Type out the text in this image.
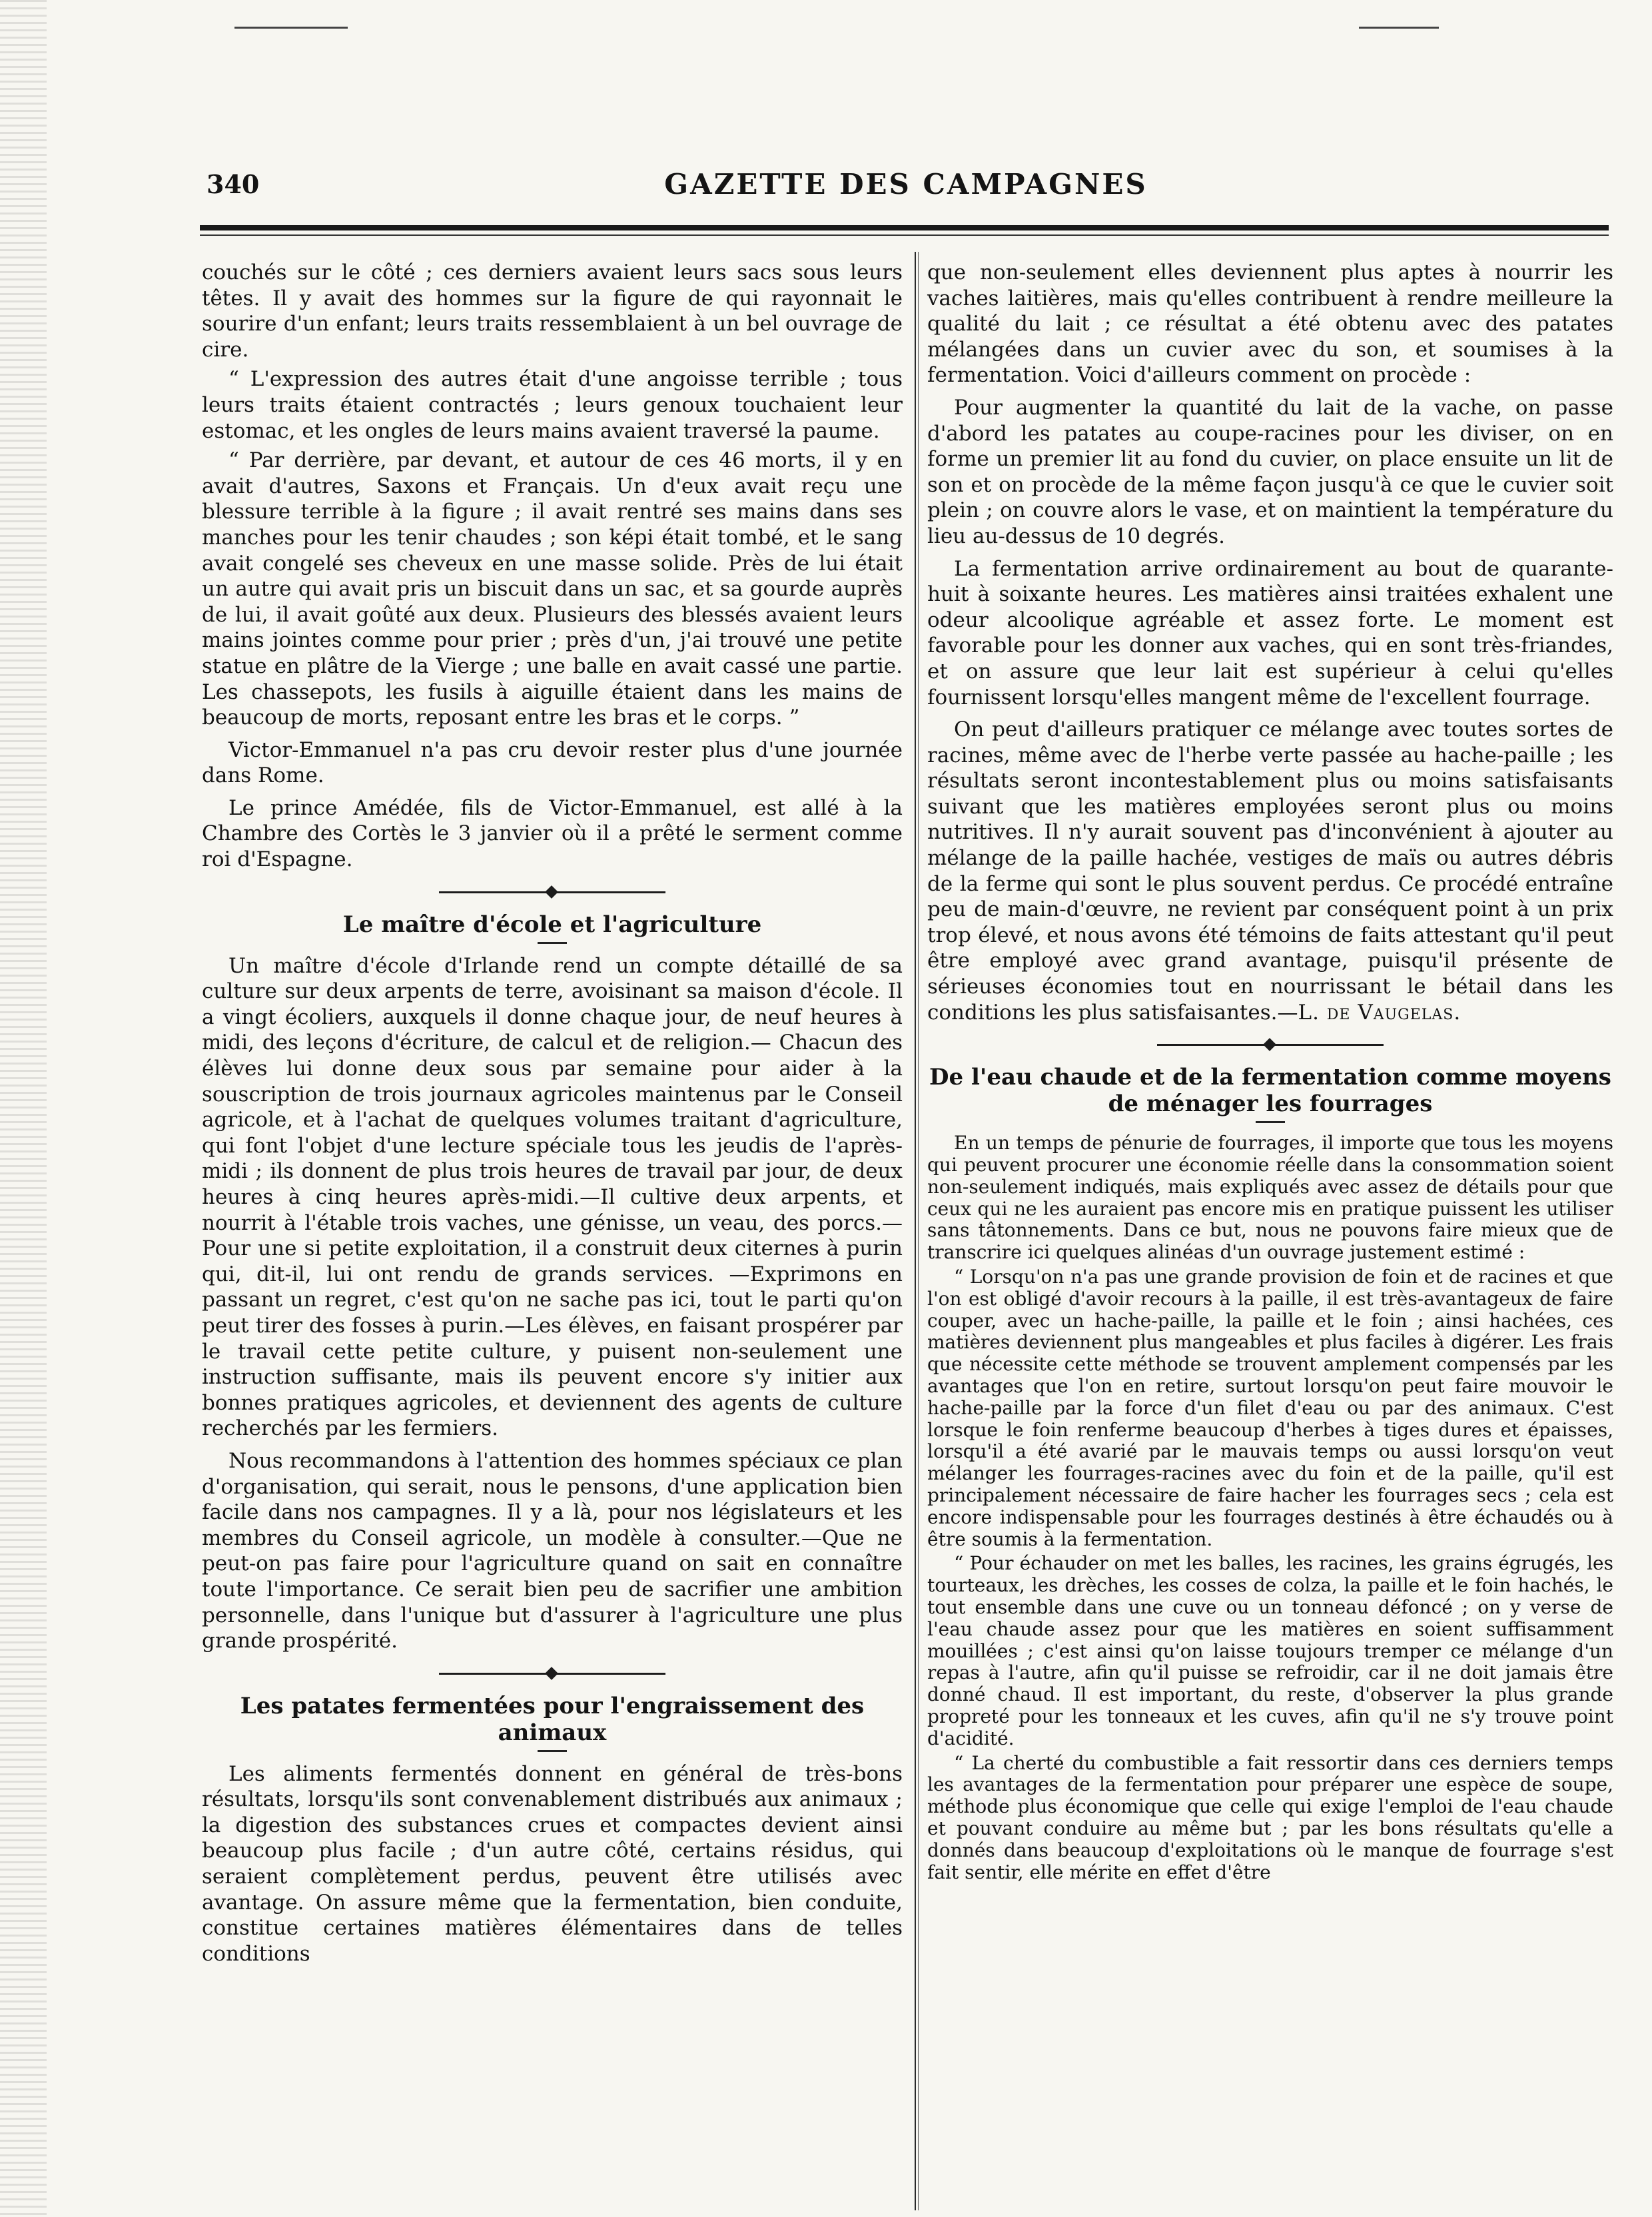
340	GAZETTE DES CAMPAGNES

couchés sur le côté ; ces derniers avaient leurs sacs sous leurs têtes. Il y avait des hommes sur la figure de qui rayonnait le sourire d'un enfant; leurs traits ressemblaient à un bel ouvrage de cire.

“ L'expression des autres était d'une angoisse terrible ; tous leurs traits étaient contractés ; leurs genoux touchaient leur estomac, et les ongles de leurs mains avaient traversé la paume.

“ Par derrière, par devant, et autour de ces 46 morts, il y en avait d'autres, Saxons et Français. Un d'eux avait reçu une blessure terrible à la figure ; il avait rentré ses mains dans ses manches pour les tenir chaudes ; son képi était tombé, et le sang avait congelé ses cheveux en une masse solide. Près de lui était un autre qui avait pris un biscuit dans un sac, et sa gourde auprès de lui, il avait goûté aux deux. Plusieurs des blessés avaient leurs mains jointes comme pour prier ; près d'un, j'ai trouvé une petite statue en plâtre de la Vierge ; une balle en avait cassé une partie. Les chassepots, les fusils à aiguille étaient dans les mains de beaucoup de morts, reposant entre les bras et le corps. ”

Victor-Emmanuel n'a pas cru devoir rester plus d'une journée dans Rome.

Le prince Amédée, fils de Victor-Emmanuel, est allé à la Chambre des Cortès le 3 janvier où il a prêté le serment comme roi d'Espagne.

Le maître d'école et l'agriculture

Un maître d'école d'Irlande rend un compte détaillé de sa culture sur deux arpents de terre, avoisinant sa maison d'école. Il a vingt écoliers, auxquels il donne chaque jour, de neuf heures à midi, des leçons d'écriture, de calcul et de religion.— Chacun des élèves lui donne deux sous par semaine pour aider à la souscription de trois journaux agricoles maintenus par le Conseil agricole, et à l'achat de quelques volumes traitant d'agriculture, qui font l'objet d'une lecture spéciale tous les jeudis de l'après-midi ; ils donnent de plus trois heures de travail par jour, de deux heures à cinq heures après-midi.—Il cultive deux arpents, et nourrit à l'étable trois vaches, une génisse, un veau, des porcs.—Pour une si petite exploitation, il a construit deux citernes à purin qui, dit-il, lui ont rendu de grands services. —Exprimons en passant un regret, c'est qu'on ne sache pas ici, tout le parti qu'on peut tirer des fosses à purin.—Les élèves, en faisant prospérer par le travail cette petite culture, y puisent non-seulement une instruction suffisante, mais ils peuvent encore s'y initier aux bonnes pratiques agricoles, et deviennent des agents de culture recherchés par les fermiers.

Nous recommandons à l'attention des hommes spéciaux ce plan d'organisation, qui serait, nous le pensons, d'une application bien facile dans nos campagnes. Il y a là, pour nos législateurs et les membres du Conseil agricole, un modèle à consulter.—Que ne peut-on pas faire pour l'agriculture quand on sait en connaître toute l'importance. Ce serait bien peu de sacrifier une ambition personnelle, dans l'unique but d'assurer à l'agriculture une plus grande prospérité.

Les patates fermentées pour l'engraissement des animaux

Les aliments fermentés donnent en général de très-bons résultats, lorsqu'ils sont convenablement distribués aux animaux ; la digestion des substances crues et compactes devient ainsi beaucoup plus facile ; d'un autre côté, certains résidus, qui seraient complètement perdus, peuvent être utilisés avec avantage. On assure même que la fermentation, bien conduite, constitue certaines matières élémentaires dans de telles conditions

que non-seulement elles deviennent plus aptes à nourrir les vaches laitières, mais qu'elles contribuent à rendre meilleure la qualité du lait ; ce résultat a été obtenu avec des patates mélangées dans un cuvier avec du son, et soumises à la fermentation. Voici d'ailleurs comment on procède :

Pour augmenter la quantité du lait de la vache, on passe d'abord les patates au coupe-racines pour les diviser, on en forme un premier lit au fond du cuvier, on place ensuite un lit de son et on procède de la même façon jusqu'à ce que le cuvier soit plein ; on couvre alors le vase, et on maintient la température du lieu au-dessus de 10 degrés.

La fermentation arrive ordinairement au bout de quarante-huit à soixante heures. Les matières ainsi traitées exhalent une odeur alcoolique agréable et assez forte. Le moment est favorable pour les donner aux vaches, qui en sont très-friandes, et on assure que leur lait est supérieur à celui qu'elles fournissent lorsqu'elles mangent même de l'excellent fourrage.

On peut d'ailleurs pratiquer ce mélange avec toutes sortes de racines, même avec de l'herbe verte passée au hache-paille ; les résultats seront incontestablement plus ou moins satisfaisants suivant que les matières employées seront plus ou moins nutritives. Il n'y aurait souvent pas d'inconvénient à ajouter au mélange de la paille hachée, vestiges de maïs ou autres débris de la ferme qui sont le plus souvent perdus. Ce procédé entraîne peu de main-d'œuvre, ne revient par conséquent point à un prix trop élevé, et nous avons été témoins de faits attestant qu'il peut être employé avec grand avantage, puisqu'il présente de sérieuses économies tout en nourrissant le bétail dans les conditions les plus satisfaisantes.—L. de Vaugelas.

De l'eau chaude et de la fermentation comme moyens de ménager les fourrages

En un temps de pénurie de fourrages, il importe que tous les moyens qui peuvent procurer une économie réelle dans la consommation soient non-seulement indiqués, mais expliqués avec assez de détails pour que ceux qui ne les auraient pas encore mis en pratique puissent les utiliser sans tâtonnements. Dans ce but, nous ne pouvons faire mieux que de transcrire ici quelques alinéas d'un ouvrage justement estimé :

“ Lorsqu'on n'a pas une grande provision de foin et de racines et que l'on est obligé d'avoir recours à la paille, il est très-avantageux de faire couper, avec un hache-paille, la paille et le foin ; ainsi hachées, ces matières deviennent plus mangeables et plus faciles à digérer. Les frais que nécessite cette méthode se trouvent amplement compensés par les avantages que l'on en retire, surtout lorsqu'on peut faire mouvoir le hache-paille par la force d'un filet d'eau ou par des animaux. C'est lorsque le foin renferme beaucoup d'herbes à tiges dures et épaisses, lorsqu'il a été avarié par le mauvais temps ou aussi lorsqu'on veut mélanger les fourrages-racines avec du foin et de la paille, qu'il est principalement nécessaire de faire hacher les fourrages secs ; cela est encore indispensable pour les fourrages destinés à être échaudés ou à être soumis à la fermentation.

“ Pour échauder on met les balles, les racines, les grains égrugés, les tourteaux, les drèches, les cosses de colza, la paille et le foin hachés, le tout ensemble dans une cuve ou un tonneau défoncé ; on y verse de l'eau chaude assez pour que les matières en soient suffisamment mouillées ; c'est ainsi qu'on laisse toujours tremper ce mélange d'un repas à l'autre, afin qu'il puisse se refroidir, car il ne doit jamais être donné chaud. Il est important, du reste, d'observer la plus grande propreté pour les tonneaux et les cuves, afin qu'il ne s'y trouve point d'acidité.

“ La cherté du combustible a fait ressortir dans ces derniers temps les avantages de la fermentation pour préparer une espèce de soupe, méthode plus économique que celle qui exige l'emploi de l'eau chaude et pouvant conduire au même but ; par les bons résultats qu'elle a donnés dans beaucoup d'exploitations où le manque de fourrage s'est fait sentir, elle mérite en effet d'être
